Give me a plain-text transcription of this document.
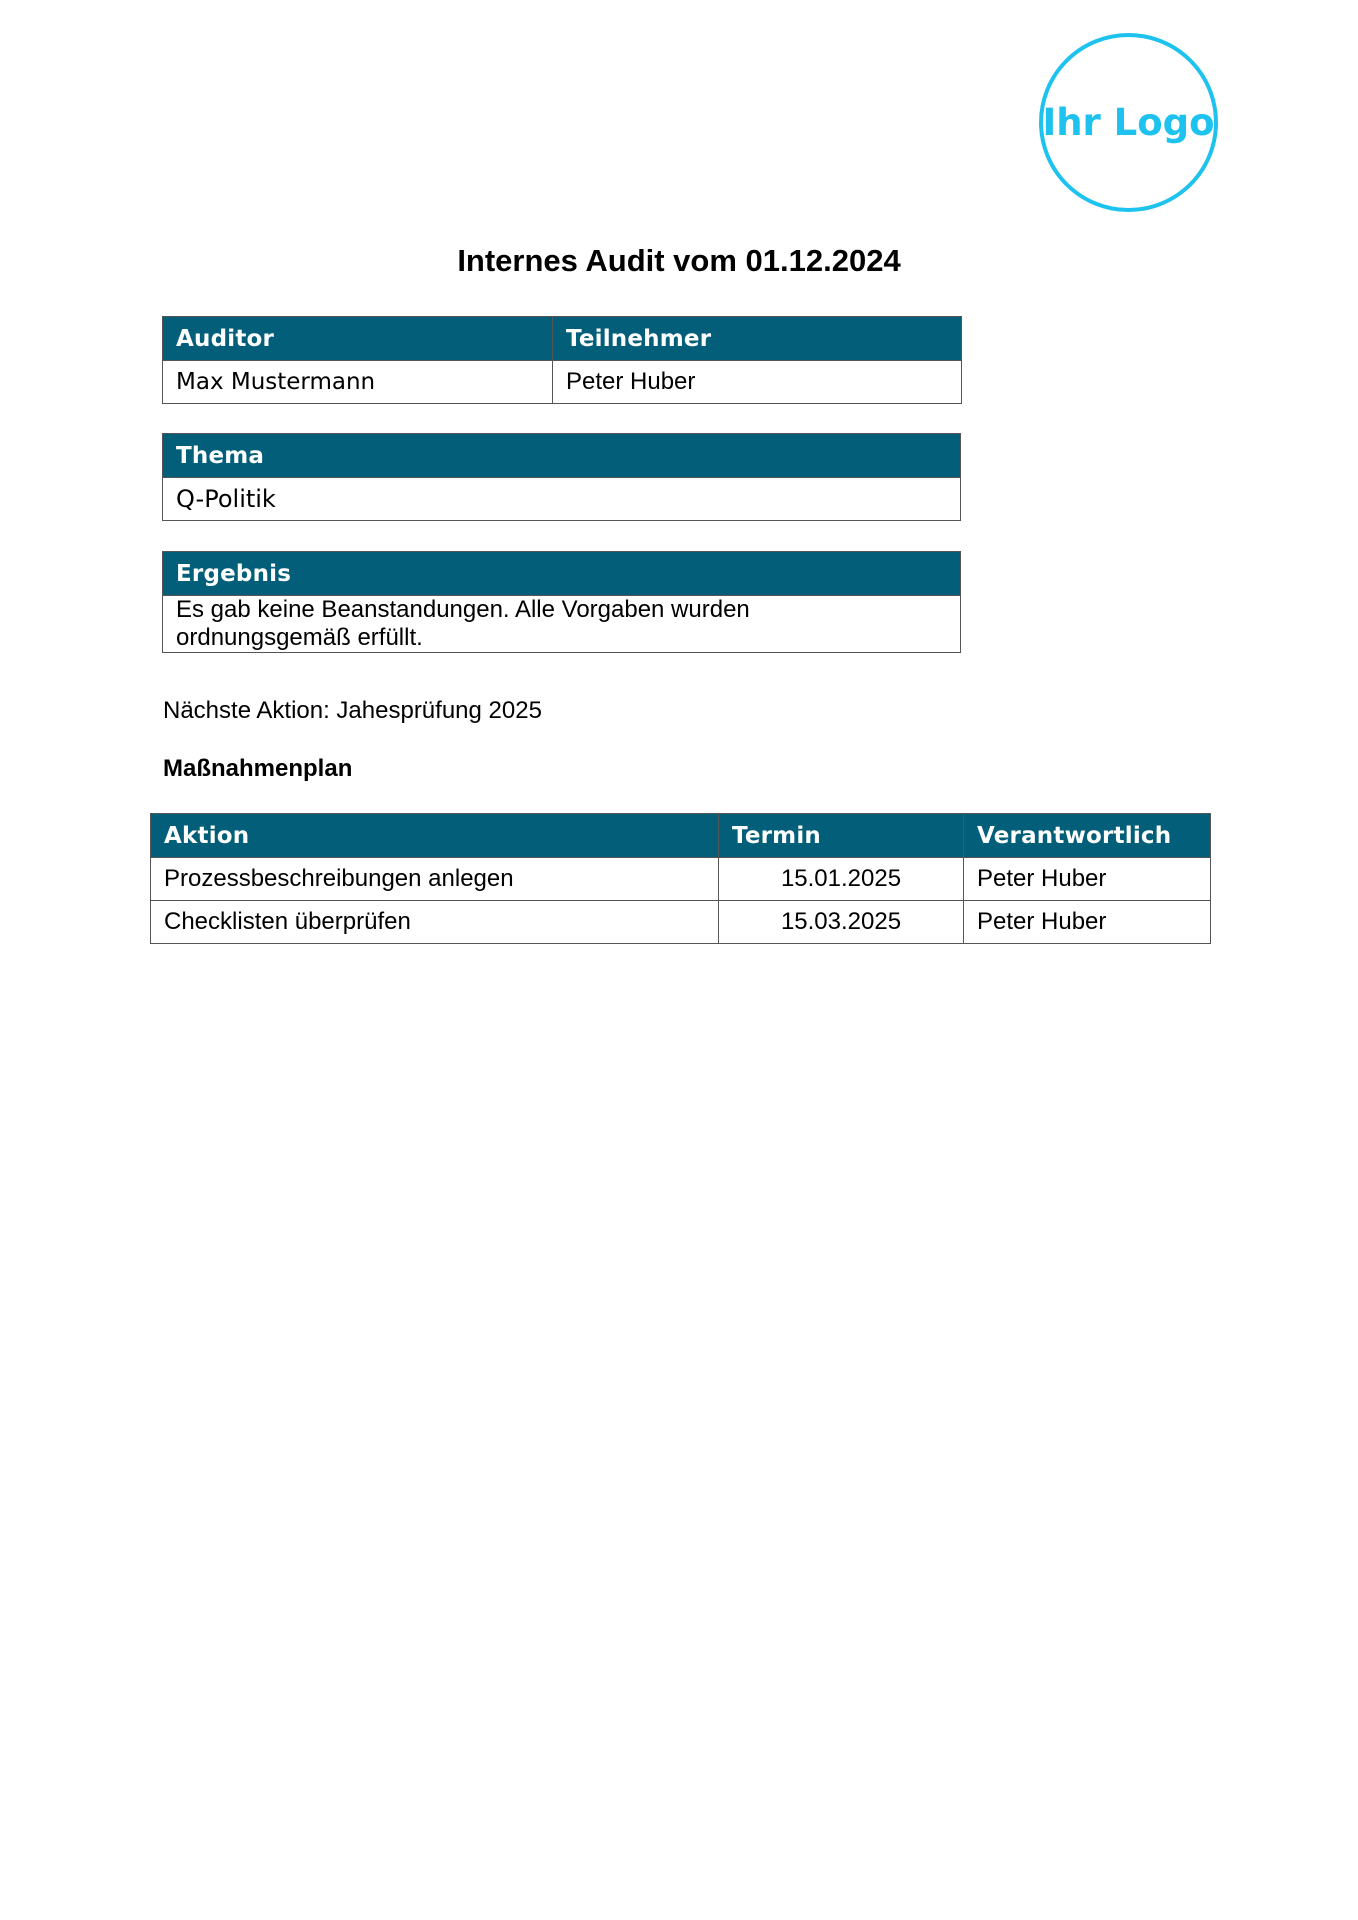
Ihr Logo
Internes Audit vom 01.12.2024
Auditor	Teilnehmer
Max Mustermann	Peter Huber
Thema
Q-Politik
Ergebnis

Es gab keine Beanstandungen. Alle Vorgaben wurden
ordnungsgemäß erfüllt.
Nächste Aktion: Jahesprüfung 2025
Maßnahmenplan
Aktion	Termin	Verantwortlich
Prozessbeschreibungen anlegen	15.01.2025	Peter Huber
Checklisten überprüfen	15.03.2025	Peter Huber
